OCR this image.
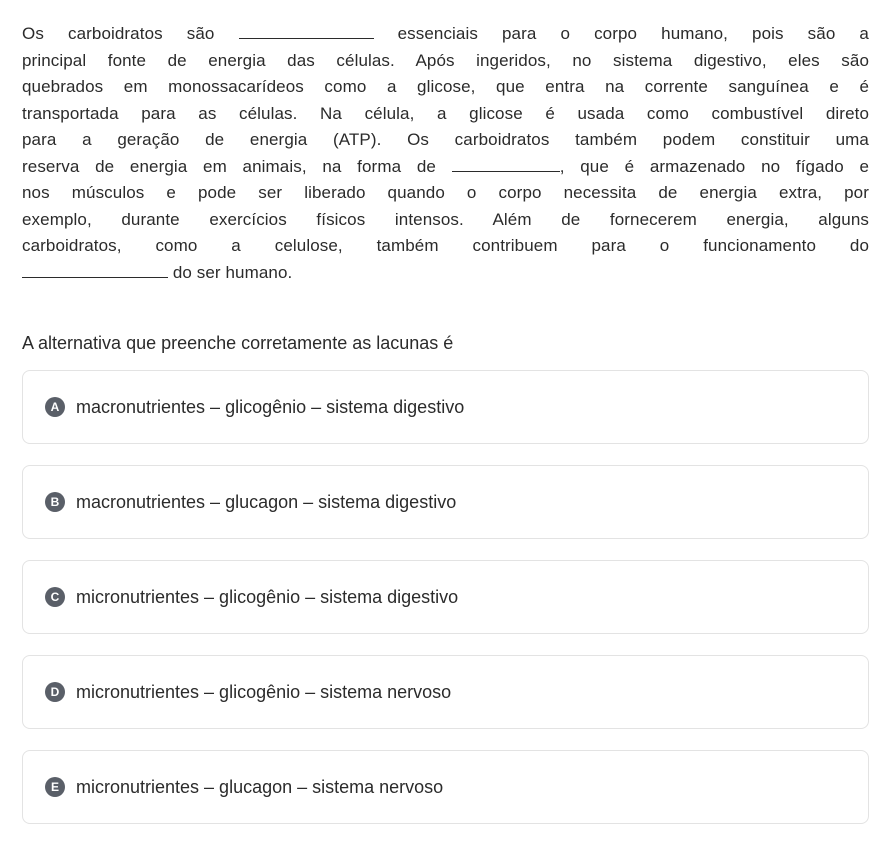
Os carboidratos são	essenciais para o corpo humano, pois são a
principal fonte de energia das células. Após ingeridos, no sistema digestivo, eles são
quebrados em monossacarídeos como a glicose, que entra na corrente sanguínea e é
transportada para as células. Na célula, a glicose é usada como combustível direto
para a geração de energia (ATP). Os carboidratos também podem constituir uma
reserva de energia em animais, na forma de	, que é armazenado no fígado e
nos músculos e pode ser liberado quando o corpo necessita de energia extra, por
exemplo, durante exercícios físicos intensos. Além de fornecerem energia, alguns
carboidratos, como a celulose, também contribuem para o funcionamento do
do ser humano.
A alternativa que preenche corretamente as lacunas é
A macronutrientes – glicogênio – sistema digestivo
B macronutrientes – glucagon – sistema digestivo
C micronutrientes – glicogênio – sistema digestivo
D micronutrientes – glicogênio – sistema nervoso
E micronutrientes – glucagon – sistema nervoso
